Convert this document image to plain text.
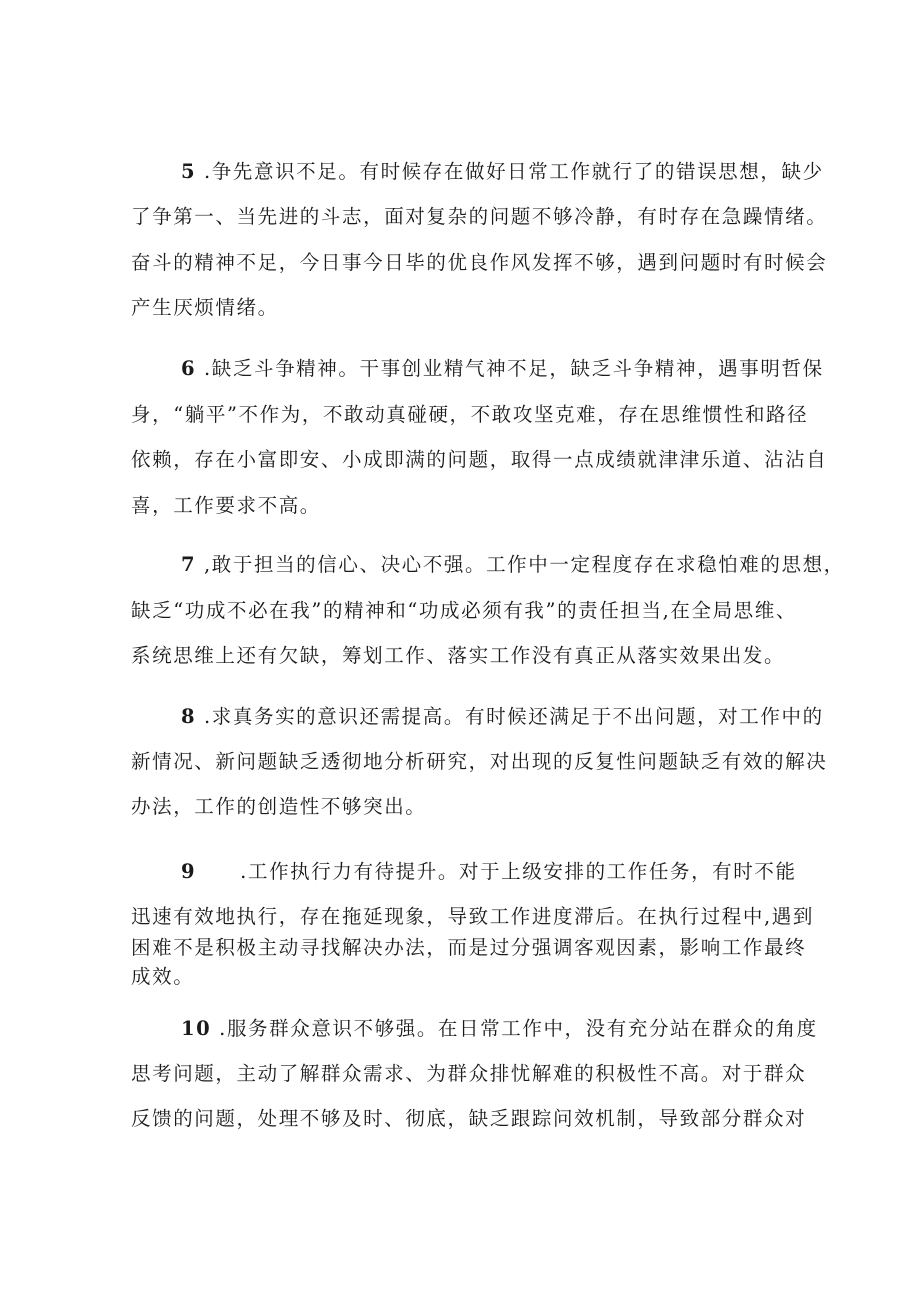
5 .争先意识不足。有时候存在做好日常工作就行了的错误思想，缺少
了争第一、当先进的斗志，面对复杂的问题不够冷静，有时存在急躁情绪。
奋斗的精神不足，今日事今日毕的优良作风发挥不够，遇到问题时有时候会
产生厌烦情绪。
6 .缺乏斗争精神。干事创业精气神不足，缺乏斗争精神，遇事明哲保
身，“躺平”不作为，不敢动真碰硬，不敢攻坚克难，存在思维惯性和路径
依赖，存在小富即安、小成即满的问题，取得一点成绩就津津乐道、沾沾自
喜，工作要求不高。
7 ,敢于担当的信心、决心不强。工作中一定程度存在求稳怕难的思想，
缺乏“功成不必在我”的精神和“功成必须有我”的责任担当,在全局思维、
系统思维上还有欠缺，筹划工作、落实工作没有真正从落实效果出发。
8 .求真务实的意识还需提高。有时候还满足于不出问题，对工作中的
新情况、新问题缺乏透彻地分析研究，对出现的反复性问题缺乏有效的解决
办法，工作的创造性不够突出。
9 .工作执行力有待提升。对于上级安排的工作任务，有时不能
迅速有效地执行，存在拖延现象，导致工作进度滞后。在执行过程中,遇到
困难不是积极主动寻找解决办法，而是过分强调客观因素，影响工作最终
成效。
10 .服务群众意识不够强。在日常工作中，没有充分站在群众的角度
思考问题，主动了解群众需求、为群众排忧解难的积极性不高。对于群众
反馈的问题，处理不够及时、彻底，缺乏跟踪问效机制，导致部分群众对
